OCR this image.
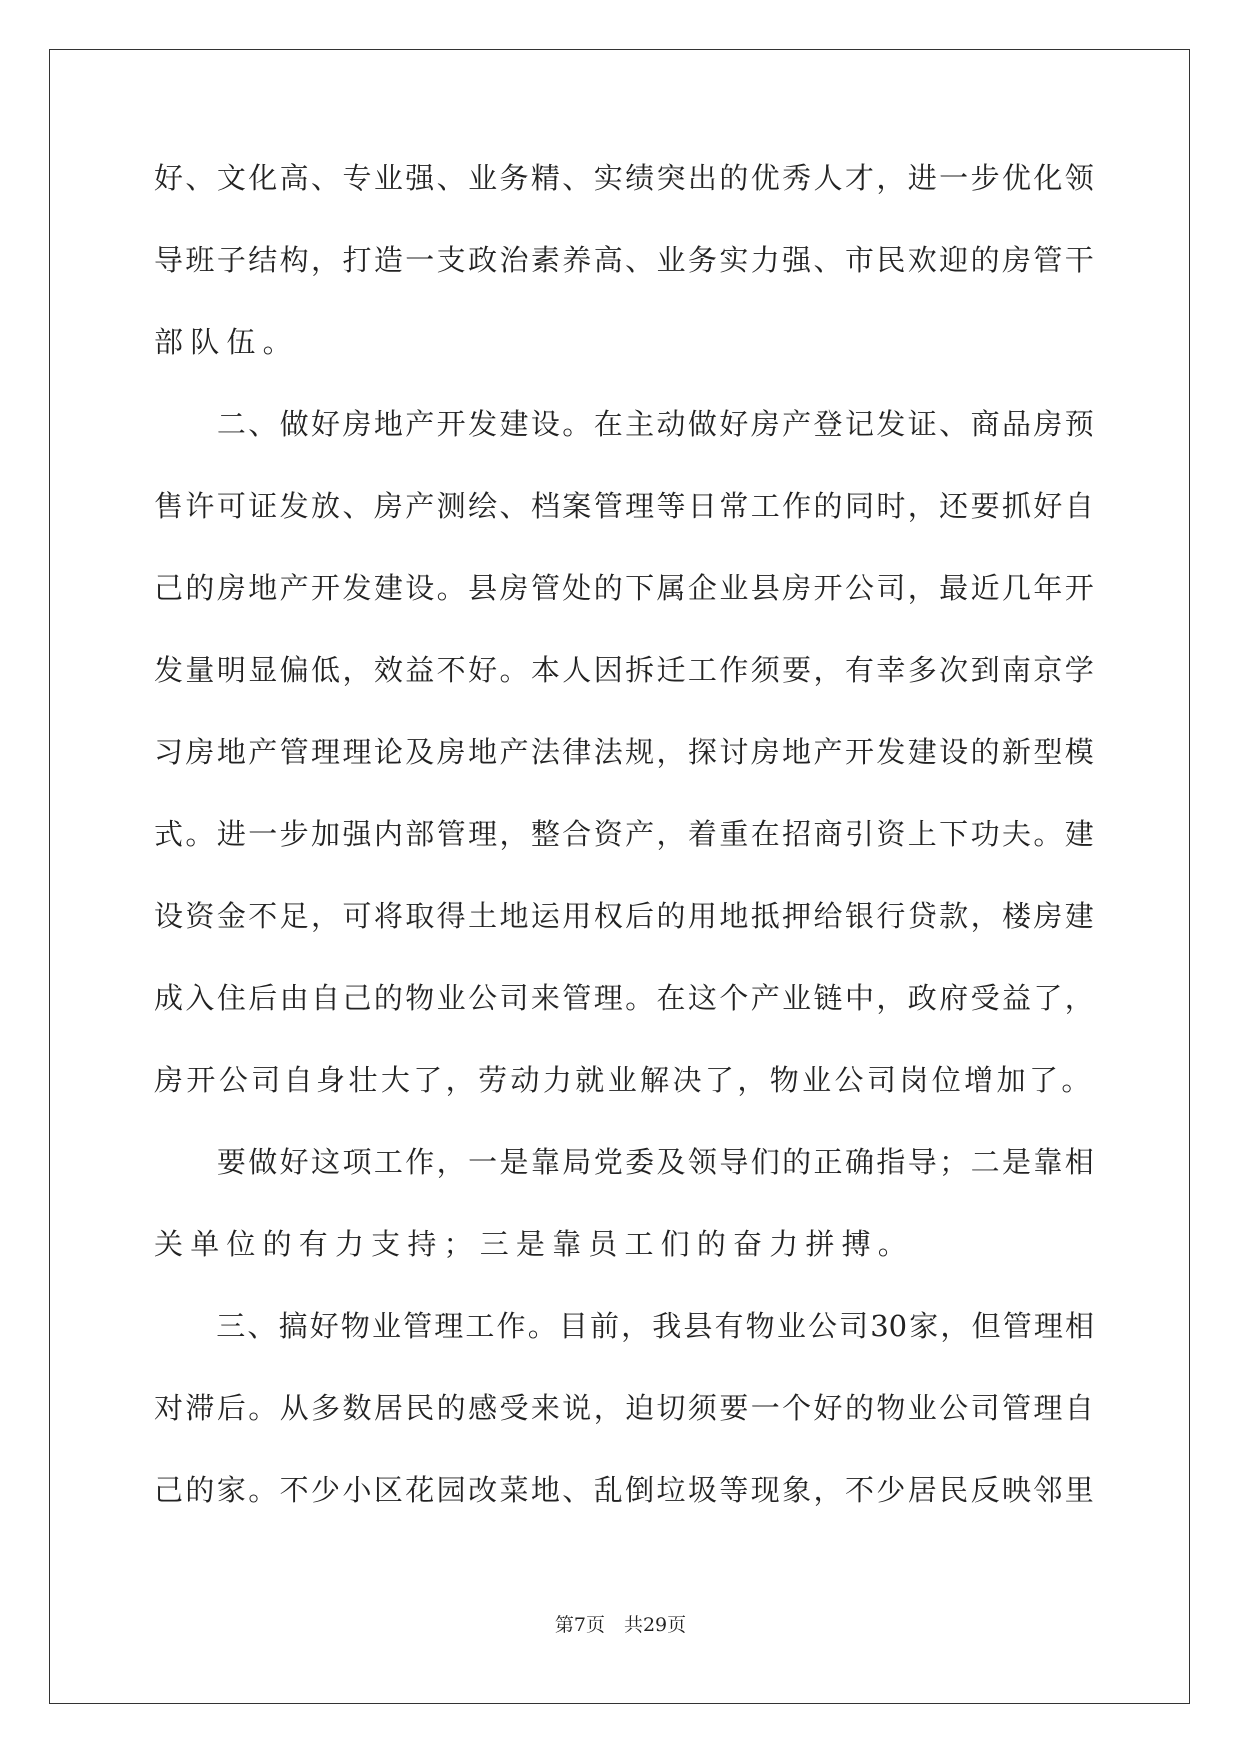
好 、 文 化 高 、 专 业 强 、 业 务 精 、 实 绩 突 出 的 优 秀 人 才 ， 进 一 步 优 化 领
导 班 子 结 构 ， 打 造 一 支 政 治 素 养 高 、 业 务 实 力 强 、 市 民 欢 迎 的 房 管 干
部 队 伍 。

二 、 做 好 房 地 产 开 发 建 设 。 在 主 动 做 好 房 产 登 记 发 证 、 商 品 房 预
售 许 可 证 发 放 、 房 产 测 绘 、 档 案 管 理 等 日 常 工 作 的 同 时 ， 还 要 抓 好 自
己 的 房 地 产 开 发 建 设 。 县 房 管 处 的 下 属 企 业 县 房 开 公 司 ， 最 近 几 年 开
发 量 明 显 偏 低 ， 效 益 不 好 。 本 人 因 拆 迁 工 作 须 要 ， 有 幸 多 次 到 南 京 学
习 房 地 产 管 理 理 论 及 房 地 产 法 律 法 规 ， 探 讨 房 地 产 开 发 建 设 的 新 型 模
式 。 进 一 步 加 强 内 部 管 理 ， 整 合 资 产 ， 着 重 在 招 商 引 资 上 下 功 夫 。 建
设 资 金 不 足 ， 可 将 取 得 土 地 运 用 权 后 的 用 地 抵 押 给 银 行 贷 款 ， 楼 房 建
成 入 住 后 由 自 己 的 物 业 公 司 来 管 理 。 在 这 个 产 业 链 中 ， 政 府 受 益 了 ，
房 开 公 司 自 身 壮 大 了 ， 劳 动 力 就 业 解 决 了 ， 物 业 公 司 岗 位 增 加 了 。

要 做 好 这 项 工 作 ， 一 是 靠 局 党 委 及 领 导 们 的 正 确 指 导 ； 二 是 靠 相
关 单 位 的 有 力 支 持 ； 三 是 靠 员 工 们 的 奋 力 拼 搏 。

三 、 搞 好 物 业 管 理 工 作 。 目 前 ， 我 县 有 物 业 公 司 30 家 ， 但 管 理 相
对 滞 后 。 从 多 数 居 民 的 感 受 来 说 ， 迫 切 须 要 一 个 好 的 物 业 公 司 管 理 自
己 的 家 。 不 少 小 区 花 园 改 菜 地 、 乱 倒 垃 圾 等 现 象 ， 不 少 居 民 反 映 邻 里
第7页　共29页
